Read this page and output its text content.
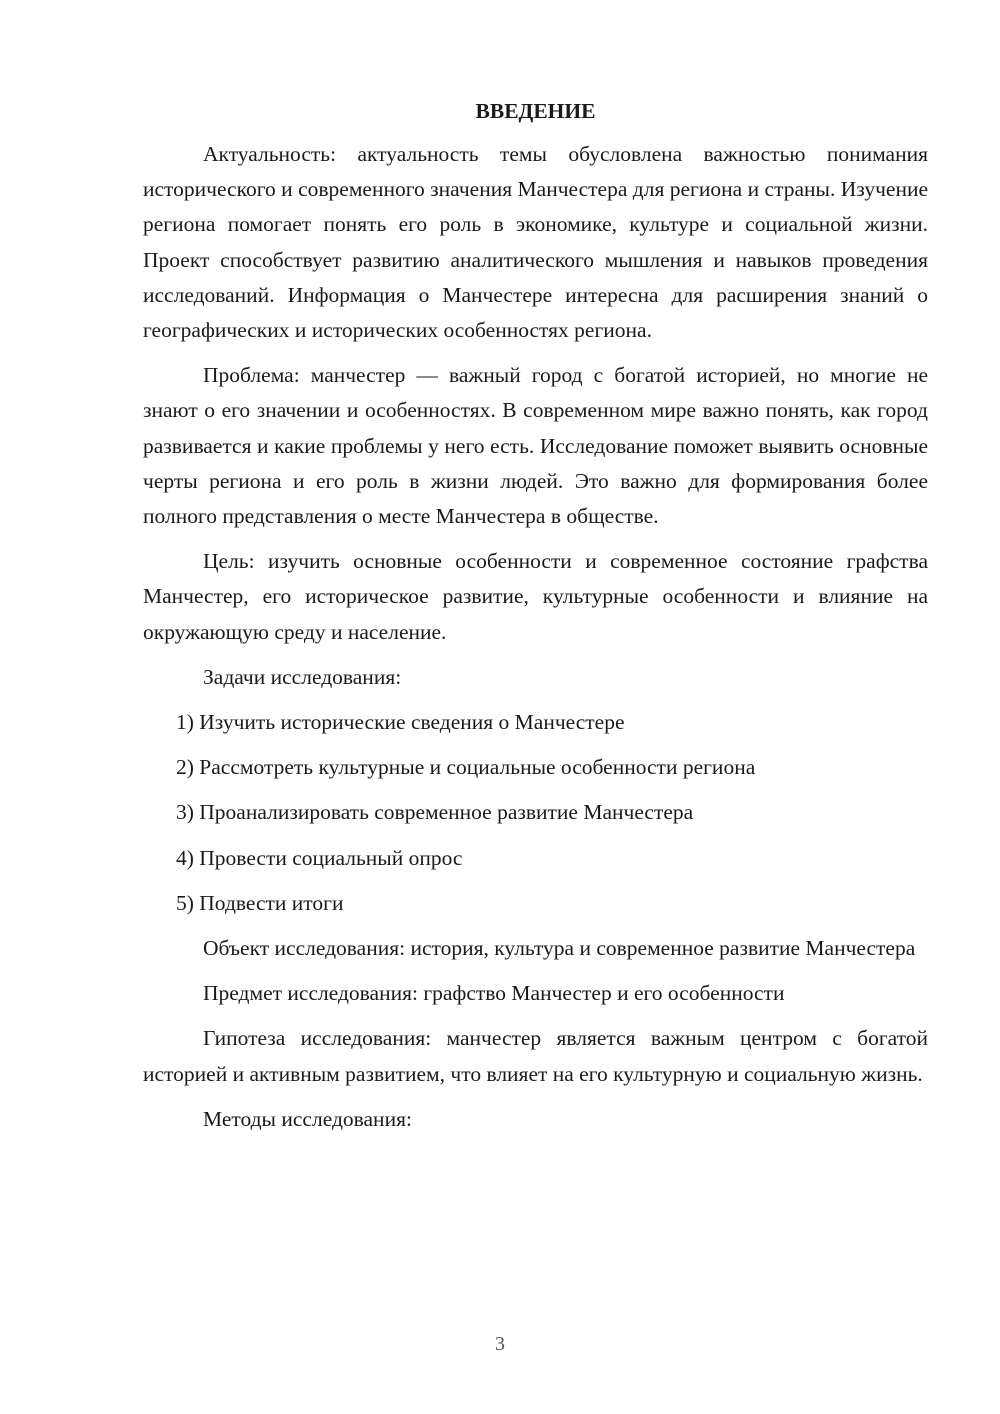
ВВЕДЕНИЕ

Актуальность: актуальность темы обусловлена важностью понимания исторического и современного значения Манчестера для региона и страны. Изучение региона помогает понять его роль в экономике, культуре и социальной жизни. Проект способствует развитию аналитического мышления и навыков проведения исследований. Информация о Манчестере интересна для расширения знаний о географических и исторических особенностях региона.

Проблема: манчестер — важный город с богатой историей, но многие не знают о его значении и особенностях. В современном мире важно понять, как город развивается и какие проблемы у него есть. Исследование поможет выявить основные черты региона и его роль в жизни людей. Это важно для формирования более полного представления о месте Манчестера в обществе.

Цель: изучить основные особенности и современное состояние графства Манчестер, его историческое развитие, культурные особенности и влияние на окружающую среду и население.

Задачи исследования:

1) Изучить исторические сведения о Манчестере

2) Рассмотреть культурные и социальные особенности региона

3) Проанализировать современное развитие Манчестера

4) Провести социальный опрос

5) Подвести итоги

Объект исследования: история, культура и современное развитие Манчестера

Предмет исследования: графство Манчестер и его особенности

Гипотеза исследования: манчестер является важным центром с богатой историей и активным развитием, что влияет на его культурную и социальную жизнь.

Методы исследования:

3
